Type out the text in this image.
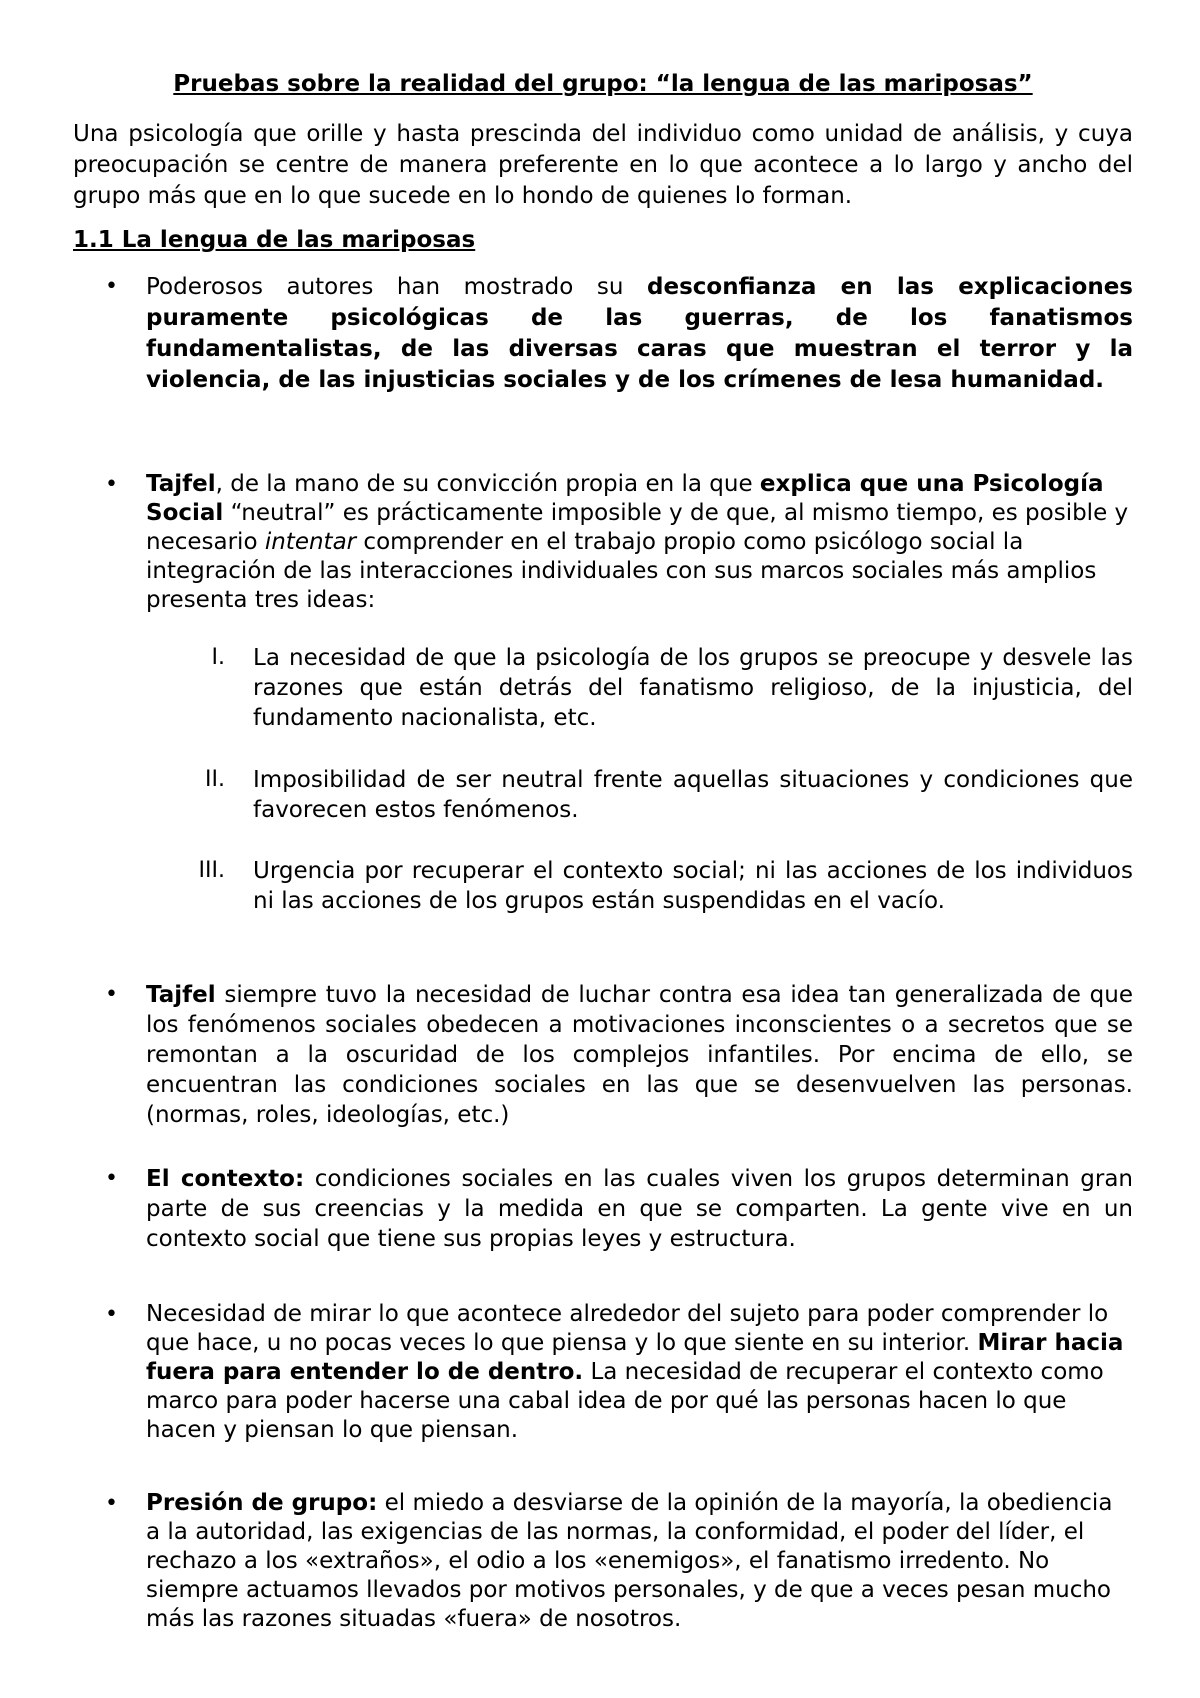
Pruebas sobre la realidad del grupo: “la lengua de las mariposas”

Una psicología que orille y hasta prescinda del individuo como unidad de análisis, y cuya preocupación se centre de manera preferente en lo que acontece a lo largo y ancho del grupo más que en lo que sucede en lo hondo de quienes lo forman.

1.1 La lengua de las mariposas

•	Poderosos autores han mostrado su desconfianza en las explicaciones puramente psicológicas de las guerras, de los fanatismos fundamentalistas, de las diversas caras que muestran el terror y la violencia, de las injusticias sociales y de los crímenes de lesa humanidad.

•	Tajfel, de la mano de su convicción propia en la que explica que una Psicología Social “neutral” es prácticamente imposible y de que, al mismo tiempo, es posible y necesario intentar comprender en el trabajo propio como psicólogo social la integración de las interacciones individuales con sus marcos sociales más amplios presenta tres ideas:

I. La necesidad de que la psicología de los grupos se preocupe y desvele las razones que están detrás del fanatismo religioso, de la injusticia, del fundamento nacionalista, etc.

II. Imposibilidad de ser neutral frente aquellas situaciones y condiciones que favorecen estos fenómenos.

III. Urgencia por recuperar el contexto social; ni las acciones de los individuos ni las acciones de los grupos están suspendidas en el vacío.

•	Tajfel siempre tuvo la necesidad de luchar contra esa idea tan generalizada de que los fenómenos sociales obedecen a motivaciones inconscientes o a secretos que se remontan a la oscuridad de los complejos infantiles. Por encima de ello, se encuentran las condiciones sociales en las que se desenvuelven las personas. (normas, roles, ideologías, etc.)

•	El contexto: condiciones sociales en las cuales viven los grupos determinan gran parte de sus creencias y la medida en que se comparten. La gente vive en un contexto social que tiene sus propias leyes y estructura.

•	Necesidad de mirar lo que acontece alrededor del sujeto para poder comprender lo que hace, u no pocas veces lo que piensa y lo que siente en su interior. Mirar hacia fuera para entender lo de dentro. La necesidad de recuperar el contexto como marco para poder hacerse una cabal idea de por qué las personas hacen lo que hacen y piensan lo que piensan.

•	Presión de grupo: el miedo a desviarse de la opinión de la mayoría, la obediencia a la autoridad, las exigencias de las normas, la conformidad, el poder del líder, el rechazo a los «extraños», el odio a los «enemigos», el fanatismo irredento. No siempre actuamos llevados por motivos personales, y de que a veces pesan mucho más las razones situadas «fuera» de nosotros.
